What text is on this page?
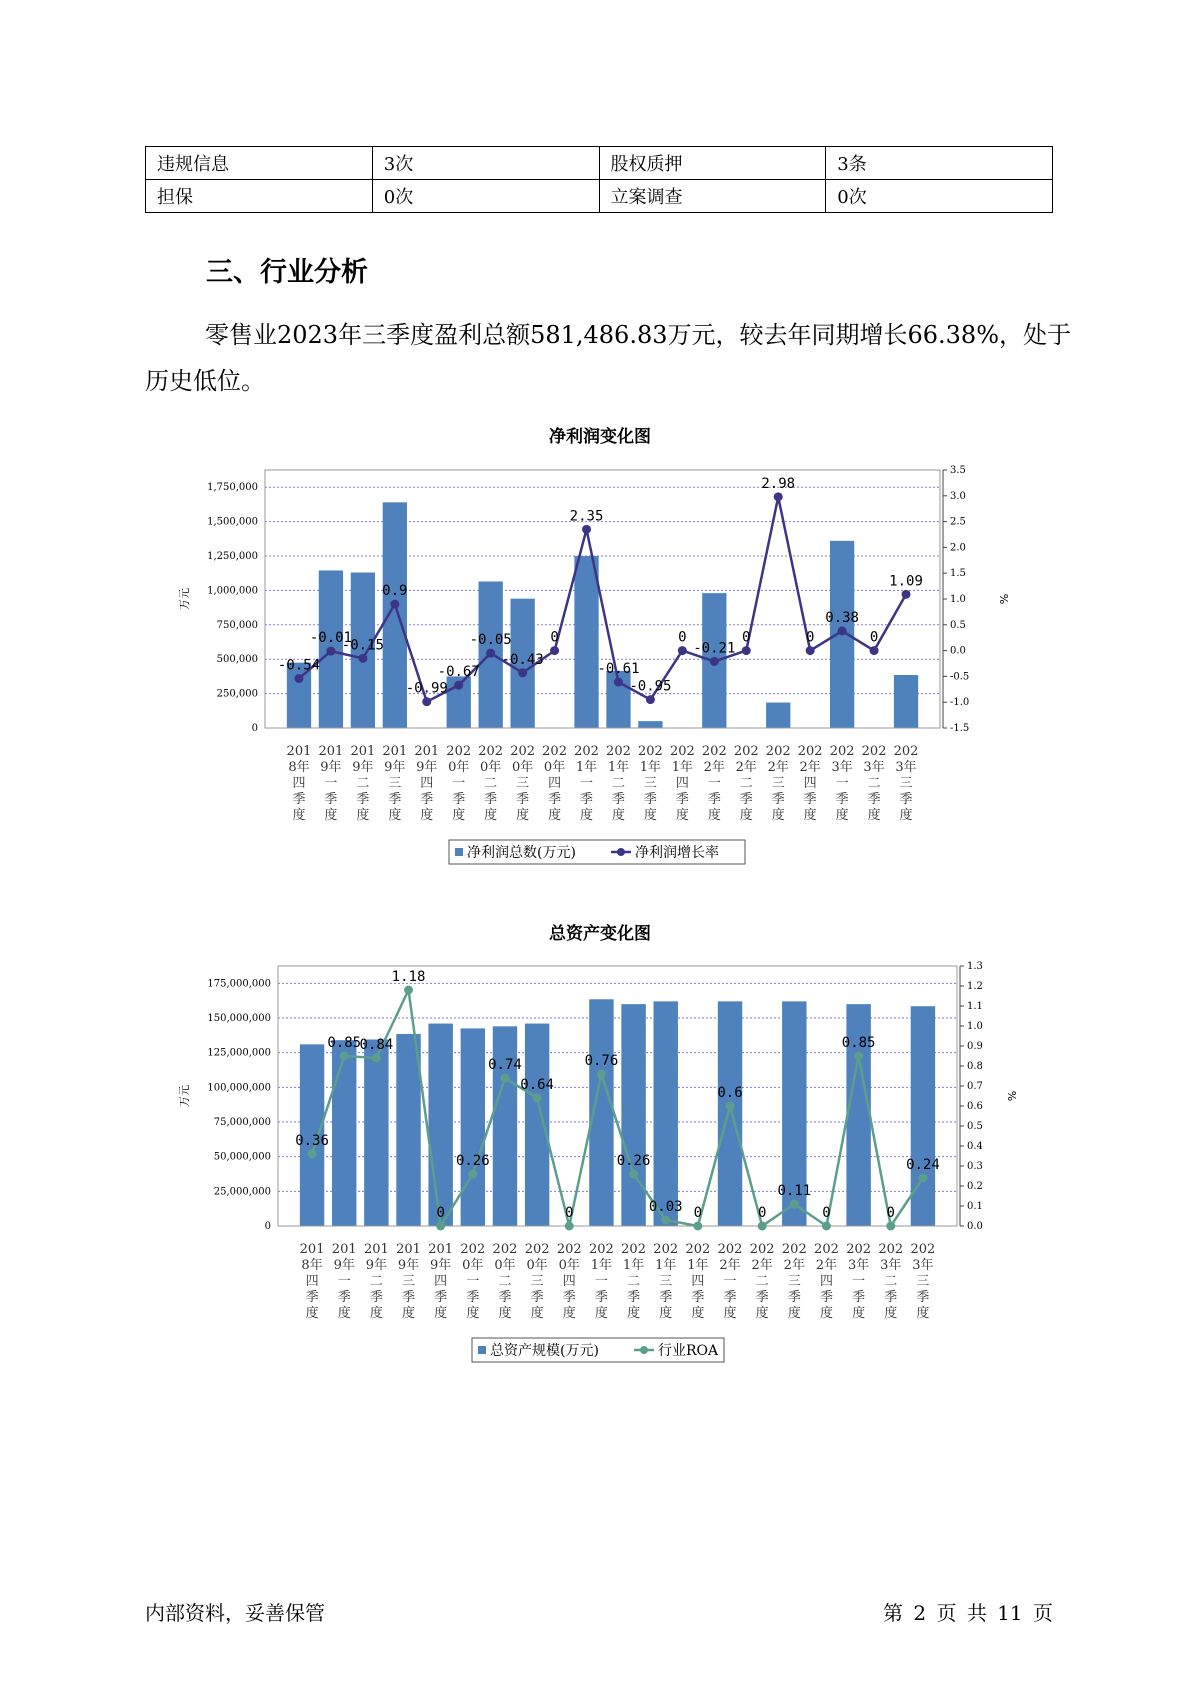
违规信息	3次	股权质押	3条
担保	0次	立案调查	0次
三、行业分析
零售业2023年三季度盈利总额581,486.83万元，较去年同期增长66.38%，处于历史低位。
净利润变化图
0
250,000
500,000
750,000
1,000,000
1,250,000
1,500,000
1,750,000
-1.5
-1.0
-0.5
0.0
0.5
1.0
1.5
2.0
2.5
3.0
3.5
万元	%
201
8年
四
季
度
201
9年
一
季
度
201
9年
二
季
度
201
9年
三
季
度
201
9年
四
季
度
202
0年
一
季
度
202
0年
二
季
度
202
0年
三
季
度
202
0年
四
季
度
202
1年
一
季
度
202
1年
二
季
度
202
1年
三
季
度
202
1年
四
季
度
202
2年
一
季
度
202
2年
二
季
度
202
2年
三
季
度
202
2年
四
季
度
202
3年
一
季
度
202
3年
二
季
度
202
3年
三
季
度
-0.54
-0.01
-0.15
0.9
-0.99
-0.67
-0.05
-0.43
0
2.35
-0.61
-0.95
0
-0.21
0
2.98
0
0.38
0
1.09
净利润总数(万元)	净利润增长率
总资产变化图
0
25,000,000
50,000,000
75,000,000
100,000,000
125,000,000
150,000,000
175,000,000
0.0
0.1
0.2
0.3
0.4
0.5
0.6
0.7
0.8
0.9
1.0
1.1
1.2
1.3
万元	%
201
8年
四
季
度
201
9年
一
季
度
201
9年
二
季
度
201
9年
三
季
度
201
9年
四
季
度
202
0年
一
季
度
202
0年
二
季
度
202
0年
三
季
度
202
0年
四
季
度
202
1年
一
季
度
202
1年
二
季
度
202
1年
三
季
度
202
1年
四
季
度
202
2年
一
季
度
202
2年
二
季
度
202
2年
三
季
度
202
2年
四
季
度
202
3年
一
季
度
202
3年
二
季
度
202
3年
三
季
度
0.36
0.85
0.84
1.18
0
0.26
0.74
0.64
0
0.76
0.26
0.03 0
0.6
0
0.11
0
0.85
0
0.24
总资产规模(万元)	行业ROA
内部资料，妥善保管	第 2 页 共 11 页
